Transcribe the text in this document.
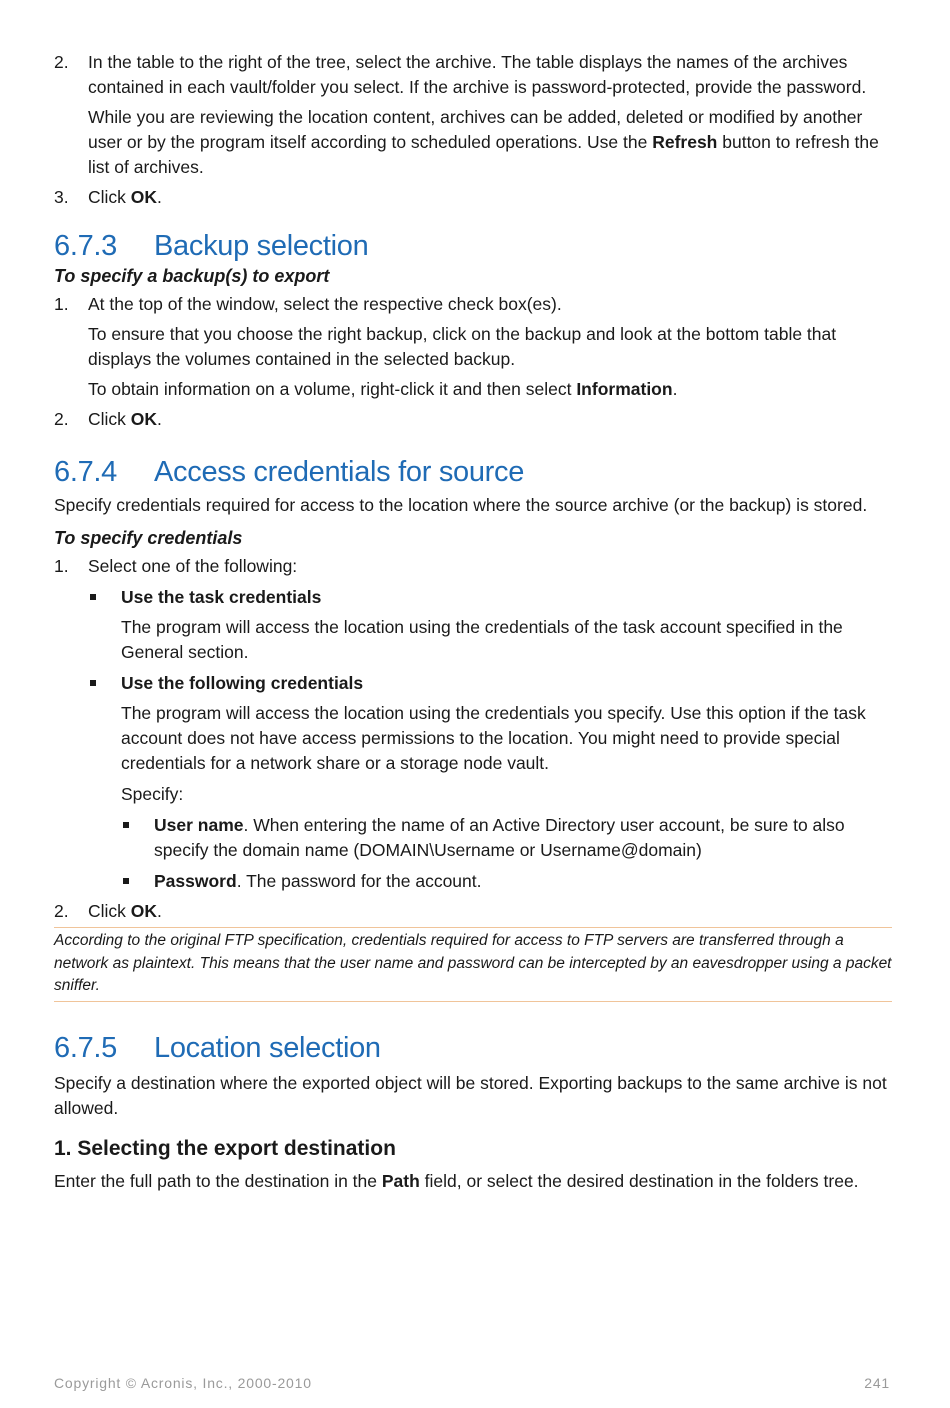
2. In the table to the right of the tree, select the archive. The table displays the names of the archives contained in each vault/folder you select. If the archive is password-protected, provide the password.
While you are reviewing the location content, archives can be added, deleted or modified by another user or by the program itself according to scheduled operations. Use the Refresh button to refresh the list of archives.
3. Click OK.
6.7.3 Backup selection

To specify a backup(s) to export

1. At the top of the window, select the respective check box(es).
To ensure that you choose the right backup, click on the backup and look at the bottom table that displays the volumes contained in the selected backup.
To obtain information on a volume, right-click it and then select Information.
2. Click OK.
6.7.4 Access credentials for source

Specify credentials required for access to the location where the source archive (or the backup) is stored.

To specify credentials

1. Select one of the following:
Use the task credentials
The program will access the location using the credentials of the task account specified in the General section.
Use the following credentials
The program will access the location using the credentials you specify. Use this option if the task account does not have access permissions to the location. You might need to provide special credentials for a network share or a storage node vault.
Specify:
User name. When entering the name of an Active Directory user account, be sure to also specify the domain name (DOMAIN\Username or Username@domain)
Password. The password for the account.
2. Click OK.
According to the original FTP specification, credentials required for access to FTP servers are transferred through a network as plaintext. This means that the user name and password can be intercepted by an eavesdropper using a packet sniffer.
6.7.5 Location selection

Specify a destination where the exported object will be stored. Exporting backups to the same archive is not allowed.

1. Selecting the export destination

Enter the full path to the destination in the Path field, or select the desired destination in the folders tree.

Copyright © Acronis, Inc., 2000-2010	241
